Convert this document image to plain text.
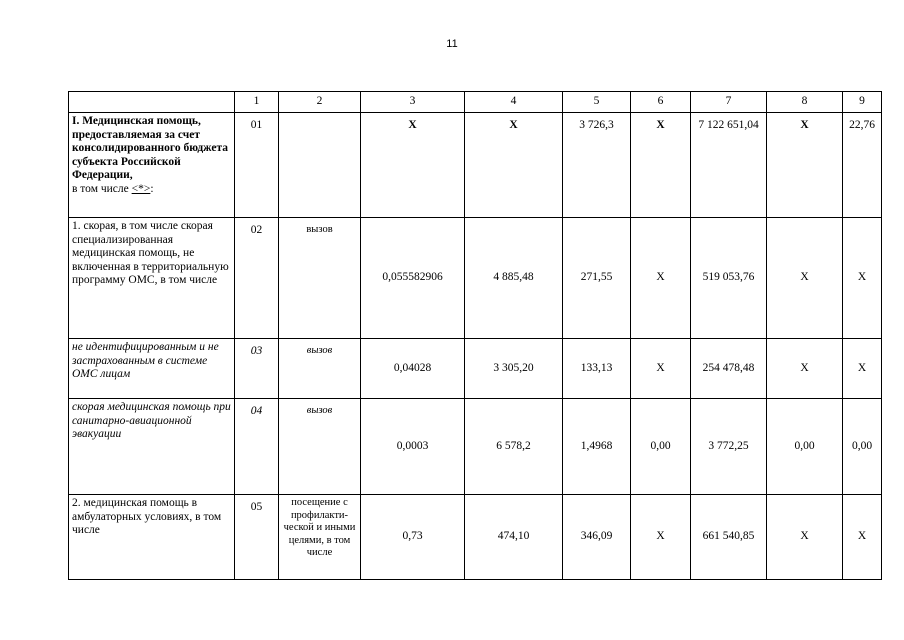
11
	1	2	3	4	5	6	7	8	9
I. Медицинская помощь, предоставляемая за счет консолидированного бюджета субъекта Российской Федерации,
в том числе <*>:	01		X	X	3 726,3	X	7 122 651,04	X	22,76
1. скорая, в том числе скорая специализированная медицинская помощь, не включенная в территориальную программу ОМС, в том числе	02	вызов	0,055582906	4 885,48	271,55	X	519 053,76	X	X
не идентифицированным и не застрахованным в системе ОМС лицам	03	вызов	0,04028	3 305,20	133,13	X	254 478,48	X	X
скорая медицинская помощь при санитарно-авиационной эвакуации	04	вызов	0,0003	6 578,2	1,4968	0,00	3 772,25	0,00	0,00
2. медицинская помощь в амбулаторных условиях, в том числе	05	посещение с профилакти-ческой и иными целями, в том числе	0,73	474,10	346,09	X	661 540,85	X	X
